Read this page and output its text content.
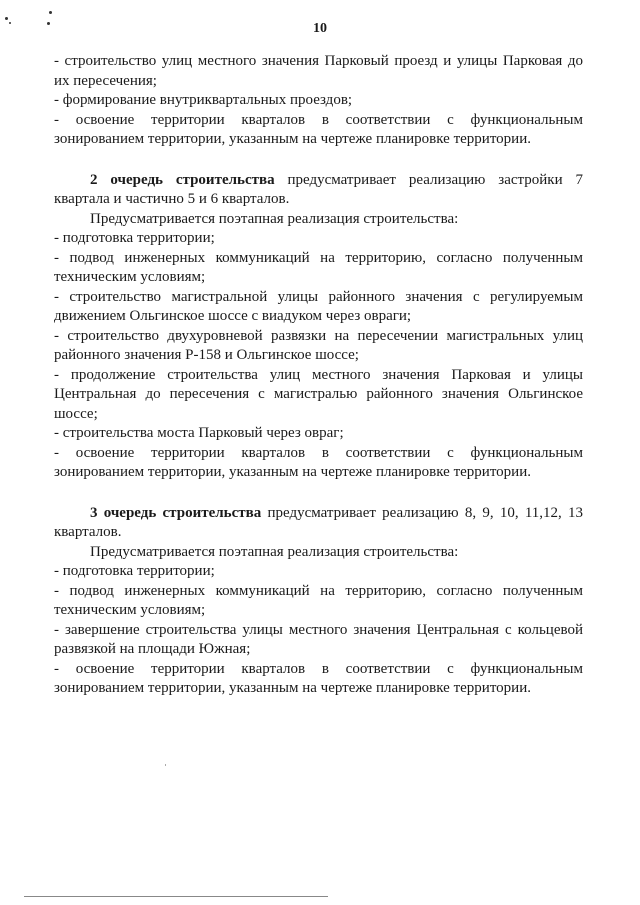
10

- строительство улиц местного значения Парковый проезд и улицы Парковая до

их пересечения;

- формирование внутриквартальных проездов;

- освоение территории кварталов в соответствии с функциональным

зонированием территории, указанным на чертеже планировке территории.

2 очередь строительства предусматривает реализацию застройки 7

квартала и частично 5 и 6 кварталов.

Предусматривается поэтапная реализация строительства:

- подготовка территории;

- подвод инженерных коммуникаций на территорию, согласно полученным

техническим условиям;

- строительство магистральной улицы районного значения с регулируемым

движением Ольгинское шоссе с виадуком через овраги;

- строительство двухуровневой развязки на пересечении магистральных улиц

районного значения Р-158 и Ольгинское шоссе;

- продолжение строительства улиц местного значения Парковая и улицы

Центральная до пересечения с магистралью районного значения Ольгинское

шоссе;

- строительства моста Парковый через овраг;

- освоение территории кварталов в соответствии с функциональным

зонированием территории, указанным на чертеже планировке территории.

3 очередь строительства предусматривает реализацию 8, 9, 10, 11,12, 13

кварталов.

Предусматривается поэтапная реализация строительства:

- подготовка территории;

- подвод инженерных коммуникаций на территорию, согласно полученным

техническим условиям;

- завершение строительства улицы местного значения Центральная с кольцевой

развязкой на площади Южная;

- освоение территории кварталов в соответствии с функциональным

зонированием территории, указанным на чертеже планировке территории.
